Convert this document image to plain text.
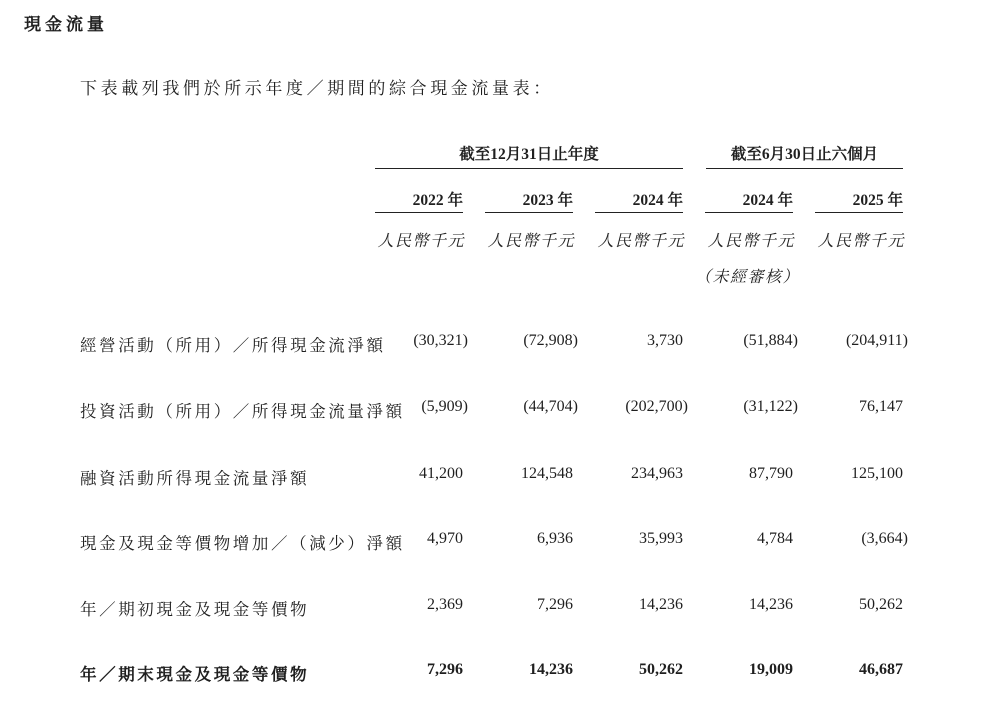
現金流量
下表載列我們於所示年度／期間的綜合現金流量表：
截至12月31日止年度	截至6月30日止六個月
2022 年	2023 年	2024 年	2024 年	2025 年
人民幣千元	人民幣千元	人民幣千元	人民幣千元	人民幣千元
（未經審核）
經營活動（所用）／所得現金流淨額	(30,321)	(72,908)	3,730	(51,884)	(204,911)
投資活動（所用）／所得現金流量淨額	(5,909)	(44,704)	(202,700)	(31,122)	76,147
融資活動所得現金流量淨額	41,200	124,548	234,963	87,790	125,100
現金及現金等價物增加／（減少）淨額	4,970	6,936	35,993	4,784	(3,664)
年／期初現金及現金等價物	2,369	7,296	14,236	14,236	50,262
年／期末現金及現金等價物	7,296	14,236	50,262	19,009	46,687
